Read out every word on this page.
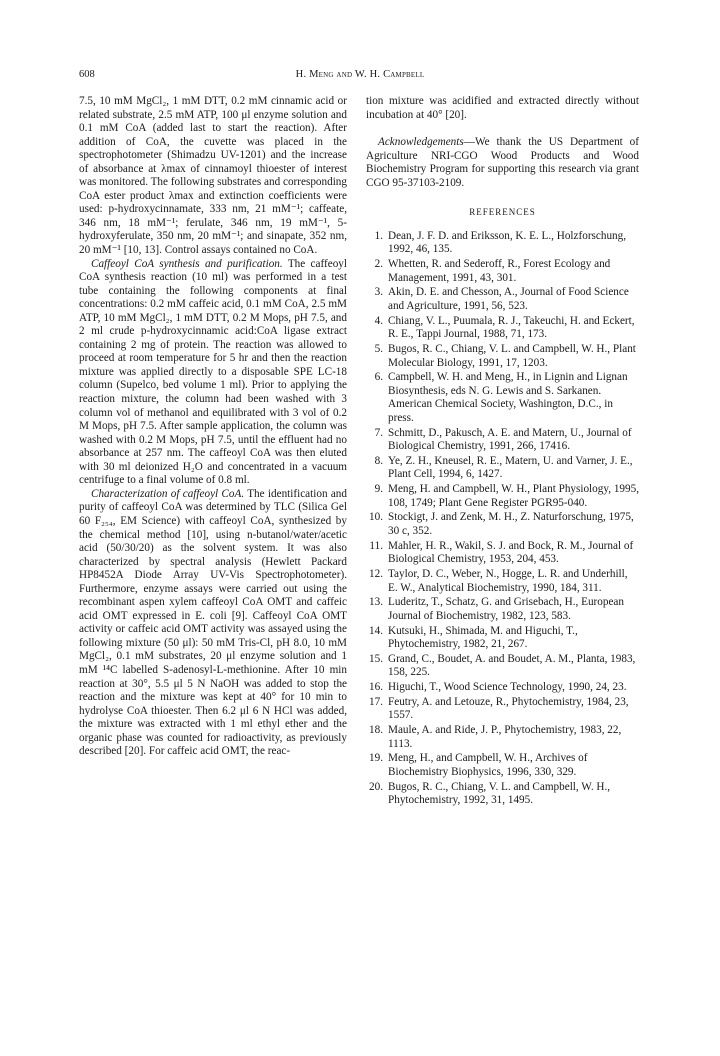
608	H. Meng and W. H. Campbell

7.5, 10 mM MgCl₂, 1 mM DTT, 0.2 mM cinnamic acid or related substrate, 2.5 mM ATP, 100 μl enzyme solution and 0.1 mM CoA (added last to start the reaction). After addition of CoA, the cuvette was placed in the spectrophotometer (Shimadzu UV-1201) and the increase of absorbance at λmax of cinnamoyl thioester of interest was monitored. The following substrates and corresponding CoA ester product λmax and extinction coefficients were used: p-hydroxycinnamate, 333 nm, 21 mM⁻¹; caffeate, 346 nm, 18 mM⁻¹; ferulate, 346 nm, 19 mM⁻¹, 5-hydroxyferulate, 350 nm, 20 mM⁻¹; and sinapate, 352 nm, 20 mM⁻¹ [10, 13]. Control assays contained no CoA.

Caffeoyl CoA synthesis and purification. The caffeoyl CoA synthesis reaction (10 ml) was performed in a test tube containing the following components at final concentrations: 0.2 mM caffeic acid, 0.1 mM CoA, 2.5 mM ATP, 10 mM MgCl₂, 1 mM DTT, 0.2 M Mops, pH 7.5, and 2 ml crude p-hydroxycinnamic acid:CoA ligase extract containing 2 mg of protein. The reaction was allowed to proceed at room temperature for 5 hr and then the reaction mixture was applied directly to a disposable SPE LC-18 column (Supelco, bed volume 1 ml). Prior to applying the reaction mixture, the column had been washed with 3 column vol of methanol and equilibrated with 3 vol of 0.2 M Mops, pH 7.5. After sample application, the column was washed with 0.2 M Mops, pH 7.5, until the effluent had no absorbance at 257 nm. The caffeoyl CoA was then eluted with 30 ml deionized H₂O and concentrated in a vacuum centrifuge to a final volume of 0.8 ml.

Characterization of caffeoyl CoA. The identification and purity of caffeoyl CoA was determined by TLC (Silica Gel 60 F₂₅₄, EM Science) with caffeoyl CoA, synthesized by the chemical method [10], using n-butanol/water/acetic acid (50/30/20) as the solvent system. It was also characterized by spectral analysis (Hewlett Packard HP8452A Diode Array UV-Vis Spectrophotometer). Furthermore, enzyme assays were carried out using the recombinant aspen xylem caffeoyl CoA OMT and caffeic acid OMT expressed in E. coli [9]. Caffeoyl CoA OMT activity or caffeic acid OMT activity was assayed using the following mixture (50 μl): 50 mM Tris-Cl, pH 8.0, 10 mM MgCl₂, 0.1 mM substrates, 20 μl enzyme solution and 1 mM ¹⁴C labelled S-adenosyl-L-methionine. After 10 min reaction at 30°, 5.5 μl 5 N NaOH was added to stop the reaction and the mixture was kept at 40° for 10 min to hydrolyse CoA thioester. Then 6.2 μl 6 N HCl was added, the mixture was extracted with 1 ml ethyl ether and the organic phase was counted for radioactivity, as previously described [20]. For caffeic acid OMT, the reac-

tion mixture was acidified and extracted directly without incubation at 40° [20].

Acknowledgements—We thank the US Department of Agriculture NRI-CGO Wood Products and Wood Biochemistry Program for supporting this research via grant CGO 95-37103-2109.

REFERENCES
1. Dean, J. F. D. and Eriksson, K. E. L., Holzforschung, 1992, 46, 135.
2. Whetten, R. and Sederoff, R., Forest Ecology and Management, 1991, 43, 301.
3. Akin, D. E. and Chesson, A., Journal of Food Science and Agriculture, 1991, 56, 523.
4. Chiang, V. L., Puumala, R. J., Takeuchi, H. and Eckert, R. E., Tappi Journal, 1988, 71, 173.
5. Bugos, R. C., Chiang, V. L. and Campbell, W. H., Plant Molecular Biology, 1991, 17, 1203.
6. Campbell, W. H. and Meng, H., in Lignin and Lignan Biosynthesis, eds N. G. Lewis and S. Sarkanen. American Chemical Society, Washington, D.C., in press.
7. Schmitt, D., Pakusch, A. E. and Matern, U., Journal of Biological Chemistry, 1991, 266, 17416.
8. Ye, Z. H., Kneusel, R. E., Matern, U. and Varner, J. E., Plant Cell, 1994, 6, 1427.
9. Meng, H. and Campbell, W. H., Plant Physiology, 1995, 108, 1749; Plant Gene Register PGR95-040.
10. Stockigt, J. and Zenk, M. H., Z. Naturforschung, 1975, 30 c, 352.
11. Mahler, H. R., Wakil, S. J. and Bock, R. M., Journal of Biological Chemistry, 1953, 204, 453.
12. Taylor, D. C., Weber, N., Hogge, L. R. and Underhill, E. W., Analytical Biochemistry, 1990, 184, 311.
13. Luderitz, T., Schatz, G. and Grisebach, H., European Journal of Biochemistry, 1982, 123, 583.
14. Kutsuki, H., Shimada, M. and Higuchi, T., Phytochemistry, 1982, 21, 267.
15. Grand, C., Boudet, A. and Boudet, A. M., Planta, 1983, 158, 225.
16. Higuchi, T., Wood Science Technology, 1990, 24, 23.
17. Feutry, A. and Letouze, R., Phytochemistry, 1984, 23, 1557.
18. Maule, A. and Ride, J. P., Phytochemistry, 1983, 22, 1113.
19. Meng, H., and Campbell, W. H., Archives of Biochemistry Biophysics, 1996, 330, 329.
20. Bugos, R. C., Chiang, V. L. and Campbell, W. H., Phytochemistry, 1992, 31, 1495.
